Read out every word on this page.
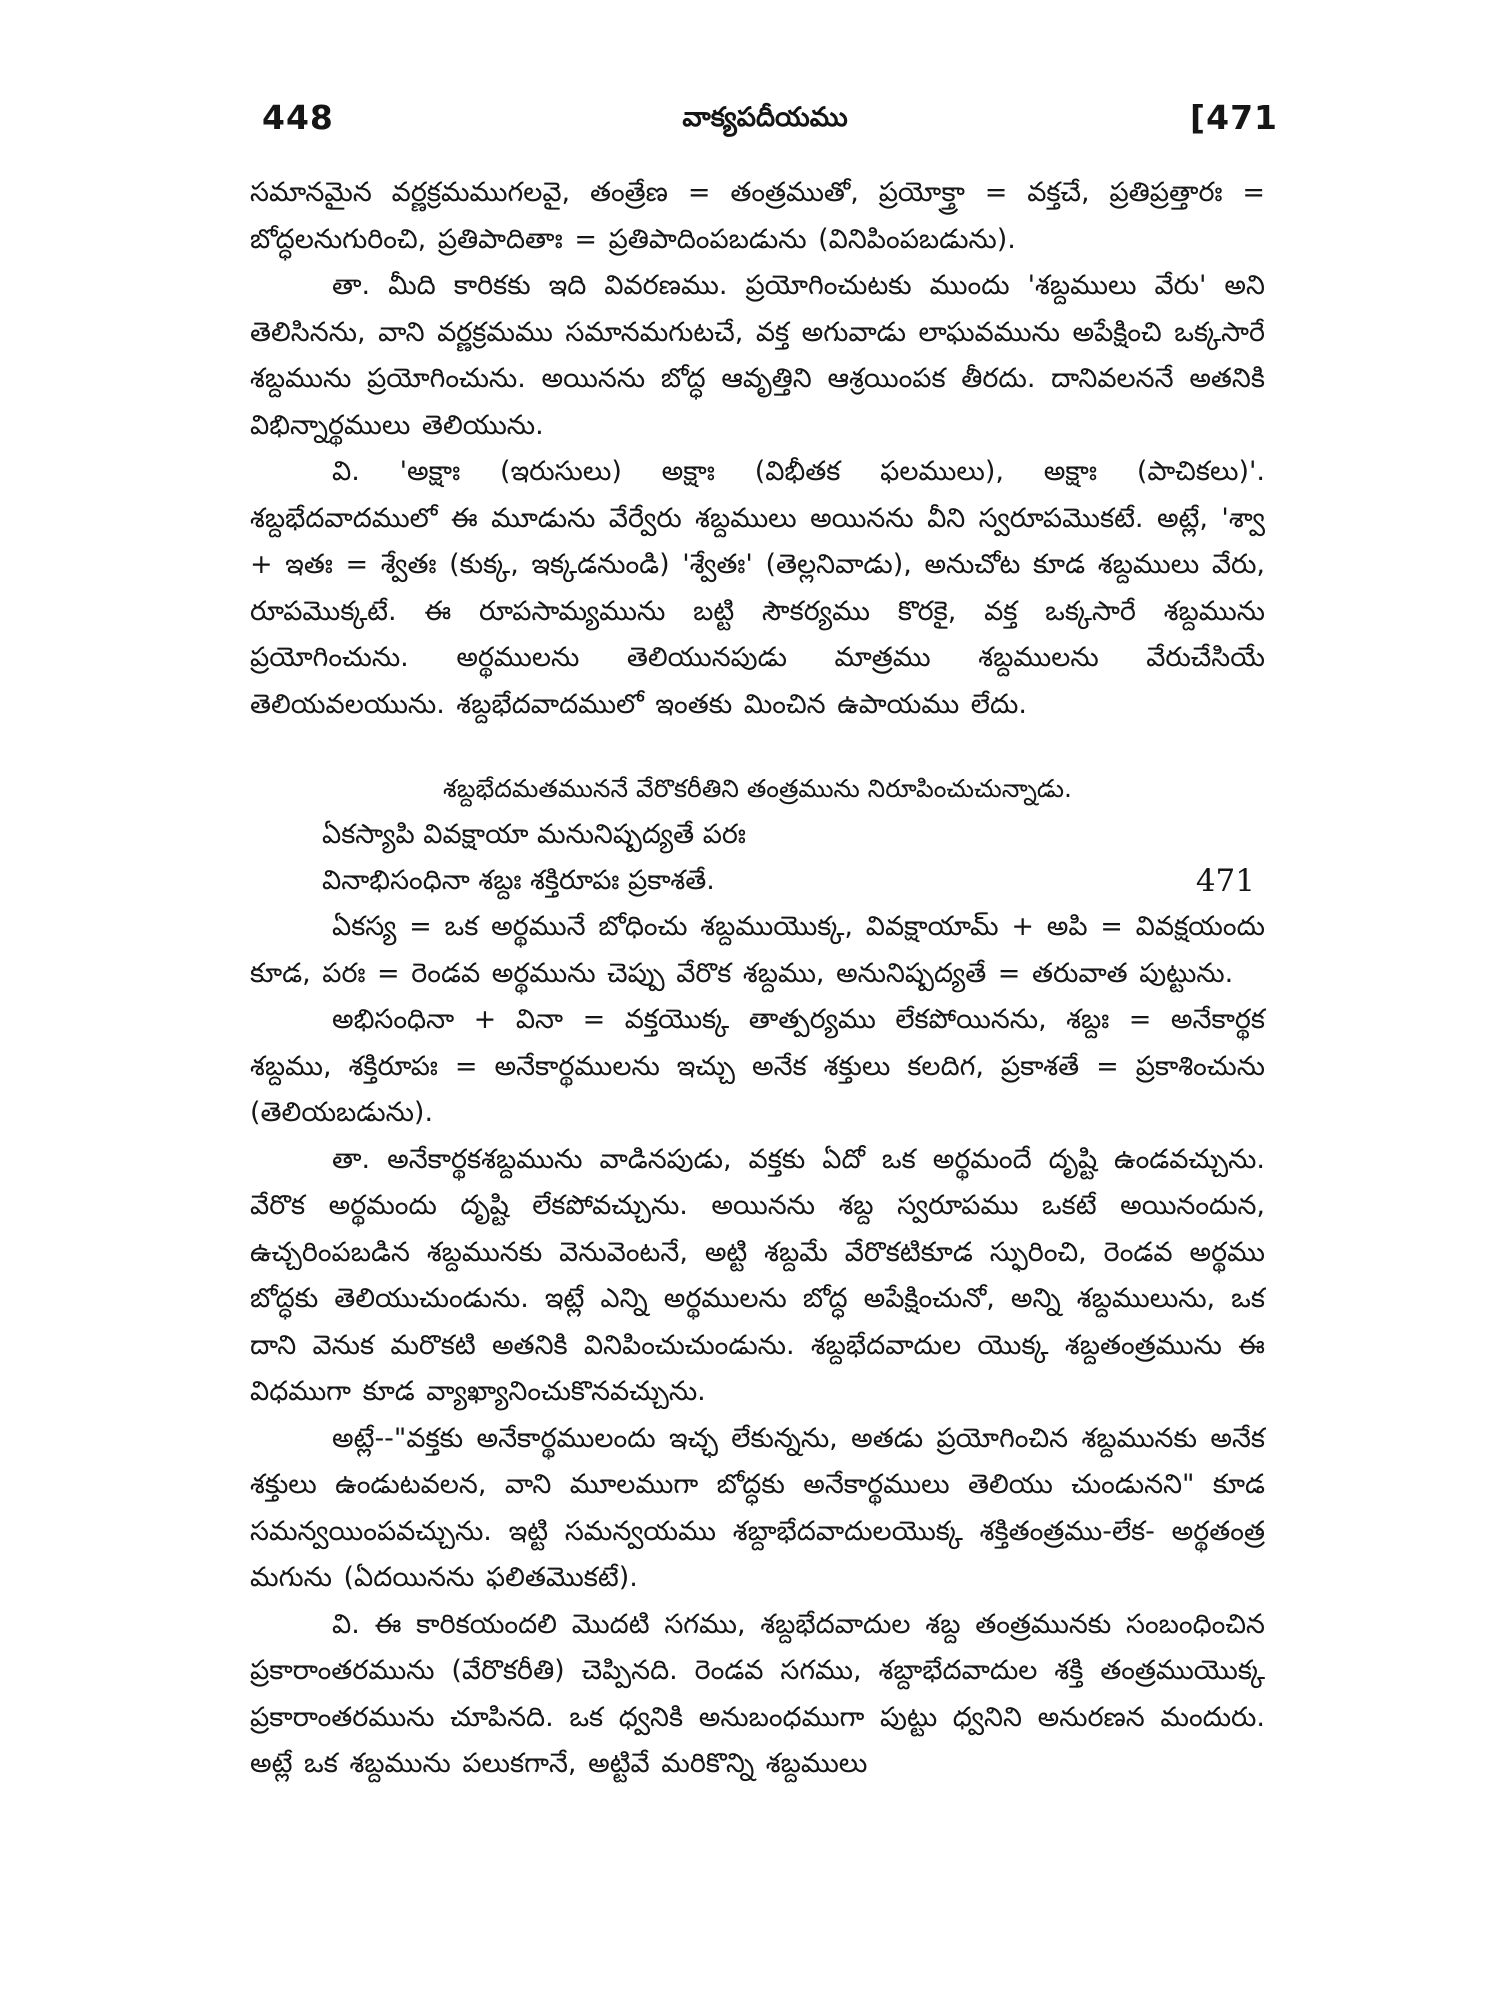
448	వాక్యపదీయము	[471

సమానమైన వర్ణక్రమముగలవై, తంత్రేణ = తంత్రముతో, ప్రయోక్త్రా = వక్తచే, ప్రతిప్రత్తారః = బోద్ధలనుగురించి, ప్రతిపాదితాః = ప్రతిపాదింపబడును (వినిపింపబడును).

తా. మీది కారికకు ఇది వివరణము. ప్రయోగించుటకు ముందు 'శబ్దములు వేరు' అని తెలిసినను, వాని వర్ణక్రమము సమానమగుటచే, వక్త అగువాడు లాఘవమును అపేక్షించి ఒక్కసారే శబ్దమును ప్రయోగించును. అయినను బోద్ధ ఆవృత్తిని ఆశ్రయింపక తీరదు. దానివలననే అతనికి విభిన్నార్థములు తెలియును.

వి. 'అక్షాః (ఇరుసులు) అక్షాః (విభీతక ఫలములు), అక్షాః (పాచికలు)'. శబ్దభేదవాదములో ఈ మూడును వేర్వేరు శబ్దములు అయినను వీని స్వరూపమొకటే. అట్లే, 'శ్వా + ఇతః = శ్వేతః (కుక్క, ఇక్కడనుండి) 'శ్వేతః' (తెల్లనివాడు), అనుచోట కూడ శబ్దములు వేరు, రూపమొక్కటే. ఈ రూపసామ్యమును బట్టి సౌకర్యము కొరకై, వక్త ఒక్కసారే శబ్దమును ప్రయోగించును. అర్థములను తెలియునపుడు మాత్రము శబ్దములను వేరుచేసియే తెలియవలయును. శబ్దభేదవాదములో ఇంతకు మించిన ఉపాయము లేదు.

శబ్దభేదమతముననే వేరొకరీతిని తంత్రమును నిరూపించుచున్నాడు.
ఏకస్యాపి వివక్షాయా మనునిష్పద్యతే పరః
వినాభిసంధినా శబ్దః శక్తిరూపః ప్రకాశతే.	471

ఏకస్య = ఒక అర్థమునే బోధించు శబ్దముయొక్క, వివక్షాయామ్ + అపి = వివక్షయందు కూడ, పరః = రెండవ అర్థమును చెప్పు వేరొక శబ్దము, అనునిష్పద్యతే = తరువాత పుట్టును.

అభిసంధినా + వినా = వక్తయొక్క తాత్పర్యము లేకపోయినను, శబ్దః = అనేకార్థక శబ్దము, శక్తిరూపః = అనేకార్థములను ఇచ్చు అనేక శక్తులు కలదిగ, ప్రకాశతే = ప్రకాశించును (తెలియబడును).

తా. అనేకార్థకశబ్దమును వాడినపుడు, వక్తకు ఏదో ఒక అర్థమందే దృష్టి ఉండవచ్చును. వేరొక అర్థమందు దృష్టి లేకపోవచ్చును. అయినను శబ్ద స్వరూపము ఒకటే అయినందున, ఉచ్చరింపబడిన శబ్దమునకు వెనువెంటనే, అట్టి శబ్దమే వేరొకటికూడ స్ఫురించి, రెండవ అర్థము బోద్ధకు తెలియుచుండును. ఇట్లే ఎన్ని అర్థములను బోద్ధ అపేక్షించునో, అన్ని శబ్దములును, ఒక దాని వెనుక మరొకటి అతనికి వినిపించుచుండును. శబ్దభేదవాదుల యొక్క శబ్దతంత్రమును ఈ విధముగా కూడ వ్యాఖ్యానించుకొనవచ్చును.

అట్లే--"వక్తకు అనేకార్థములందు ఇచ్ఛ లేకున్నను, అతడు ప్రయోగించిన శబ్దమునకు అనేక శక్తులు ఉండుటవలన, వాని మూలముగా బోద్ధకు అనేకార్థములు తెలియు చుండునని" కూడ సమన్వయింపవచ్చును. ఇట్టి సమన్వయము శబ్దాభేదవాదులయొక్క శక్తితంత్రము-లేక- అర్థతంత్ర మగును (ఏదయినను ఫలితమొకటే).

వి. ఈ కారికయందలి మొదటి సగము, శబ్దభేదవాదుల శబ్ద తంత్రమునకు సంబంధించిన ప్రకారాంతరమును (వేరొకరీతి) చెప్పినది. రెండవ సగము, శబ్దాభేదవాదుల శక్తి తంత్రముయొక్క ప్రకారాంతరమును చూపినది. ఒక ధ్వనికి అనుబంధముగా పుట్టు ధ్వనిని అనురణన మందురు. అట్లే ఒక శబ్దమును పలుకగానే, అట్టివే మరికొన్ని శబ్దములు
